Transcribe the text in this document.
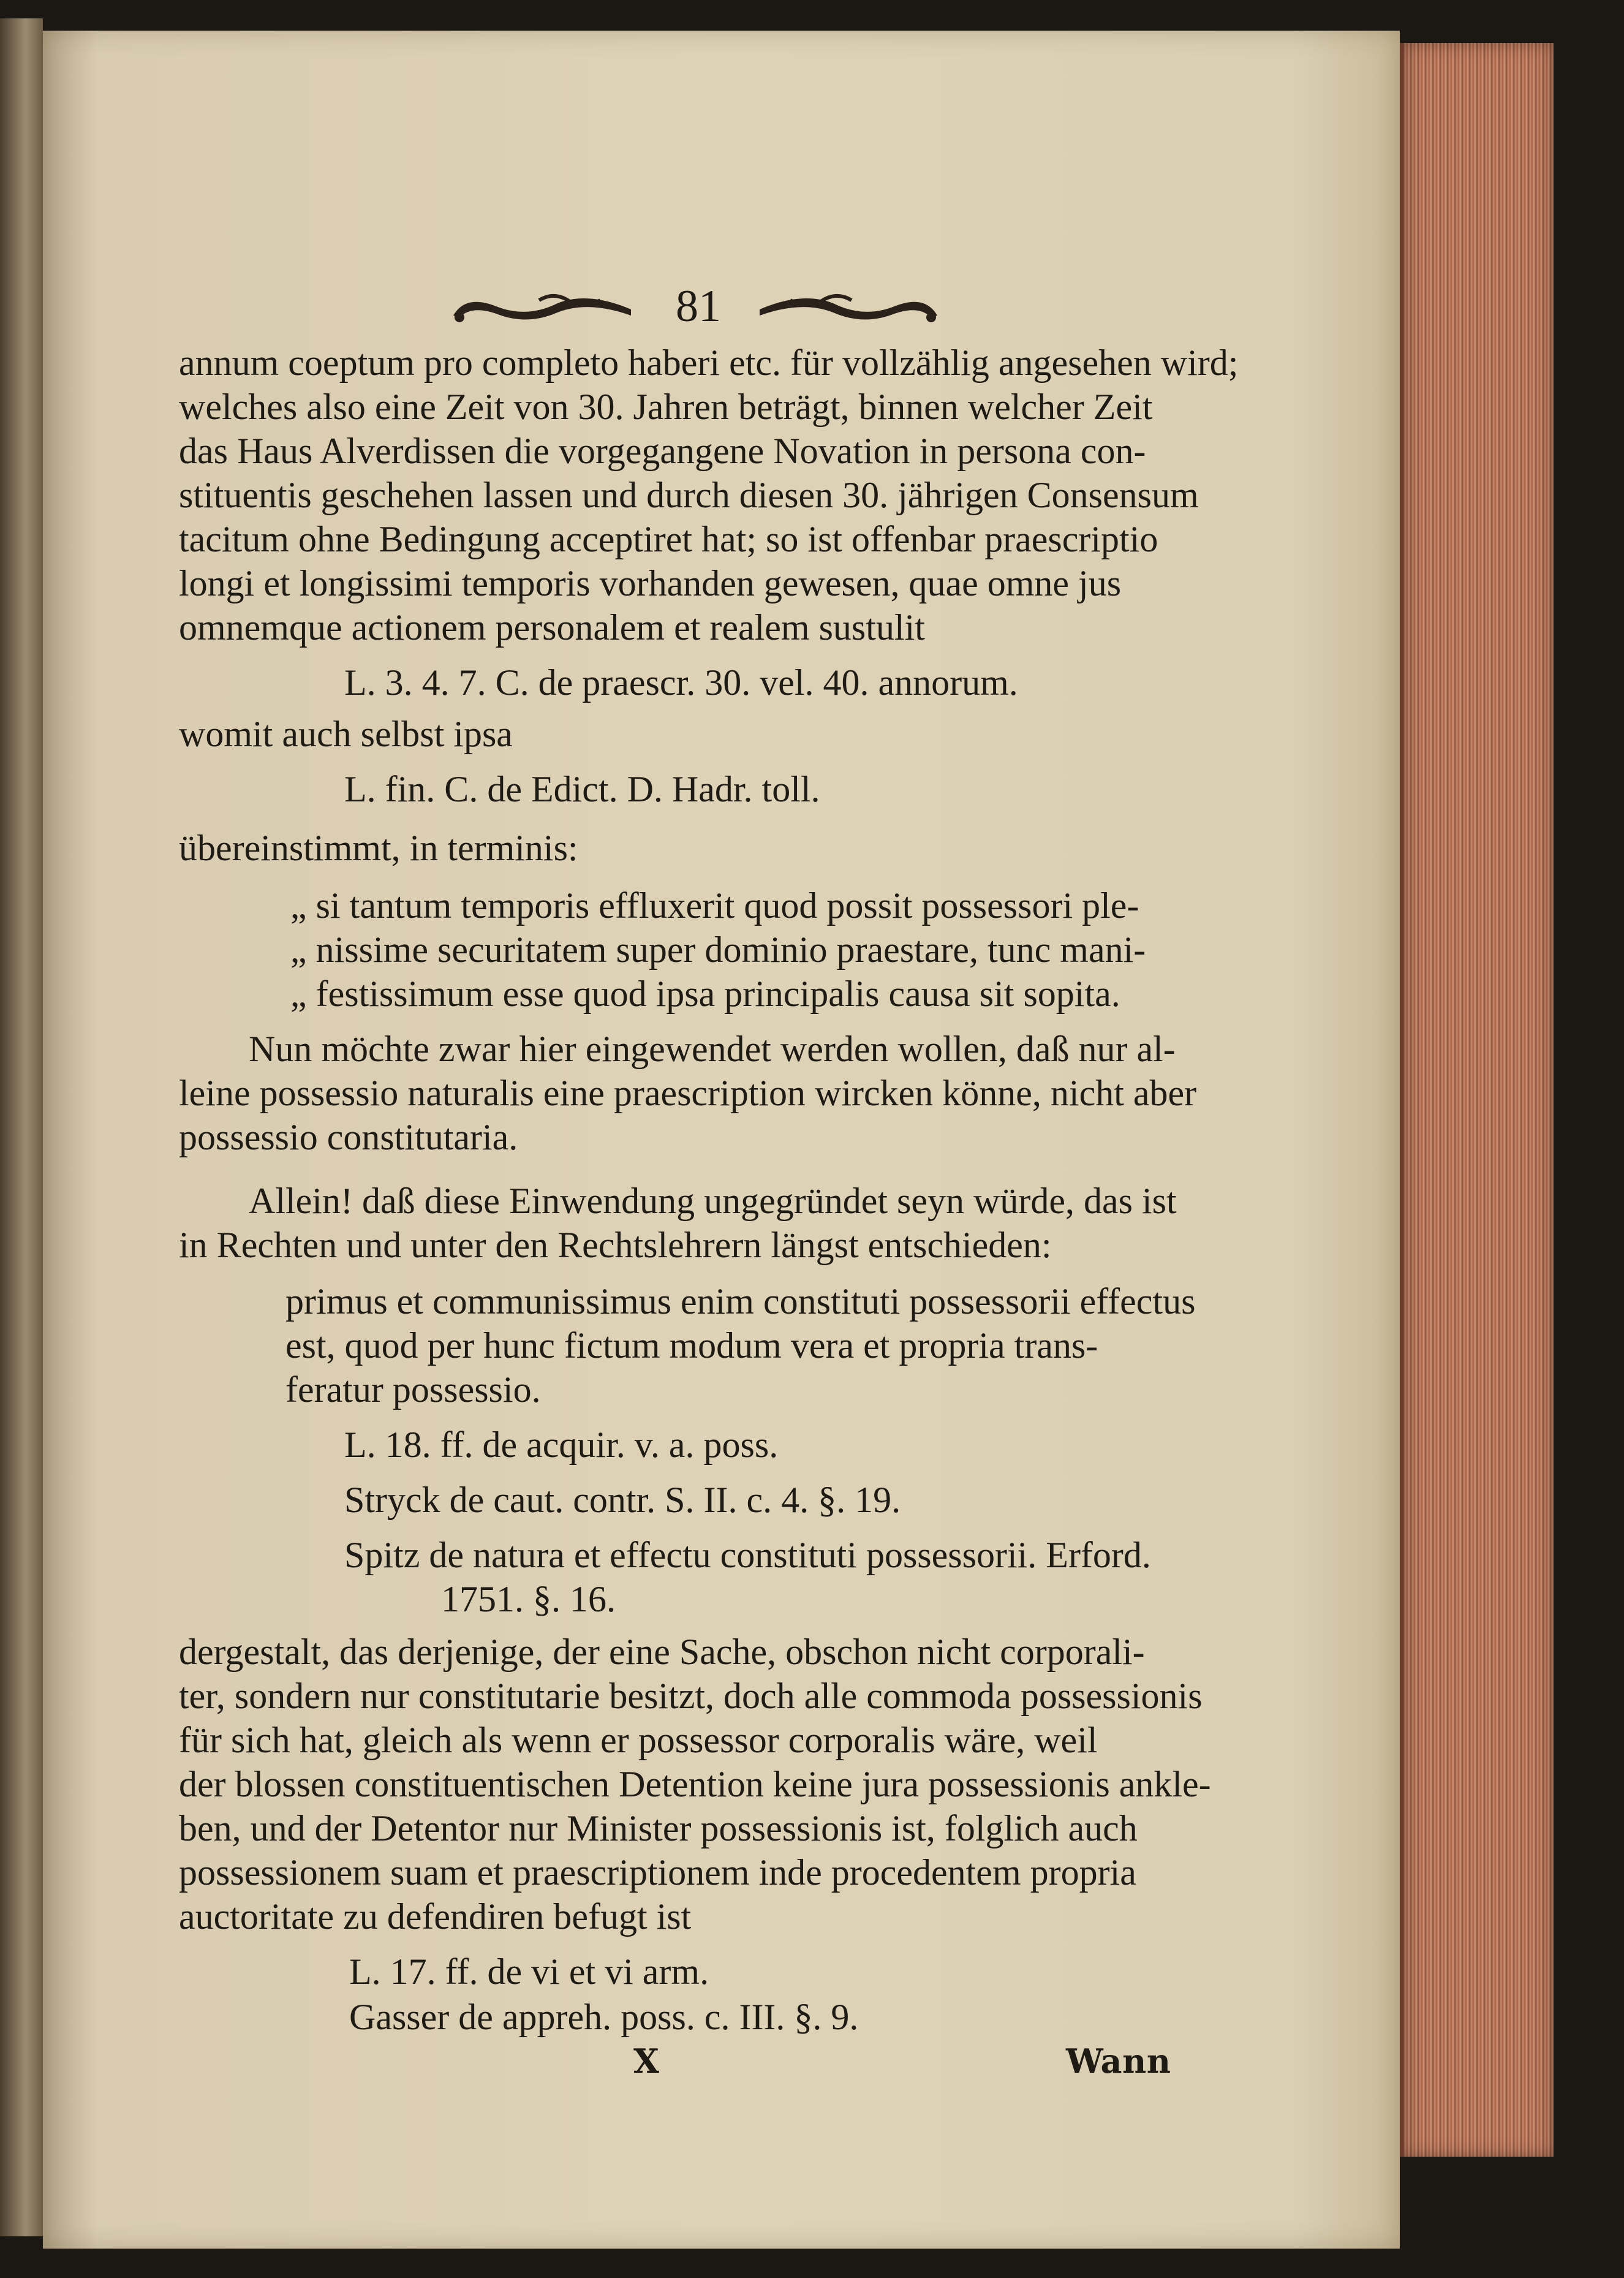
81
annum coeptum pro completo haberi etc. für vollzählig angesehen wird;
welches also eine Zeit von 30. Jahren beträgt, binnen welcher Zeit
das Haus Alverdissen die vorgegangene Novation in persona con-
stituentis geschehen lassen und durch diesen 30. jährigen Consensum
tacitum ohne Bedingung acceptiret hat; so ist offenbar praescriptio
longi et longissimi temporis vorhanden gewesen, quae omne jus
omnemque actionem personalem et realem sustulit
L. 3. 4. 7. C. de praescr. 30. vel. 40. annorum.
womit auch selbst ipsa
L. fin. C. de Edict. D. Hadr. toll.
übereinstimmt, in terminis:
„ si tantum temporis effluxerit quod possit possessori ple-
„ nissime securitatem super dominio praestare, tunc mani-
„ festissimum esse quod ipsa principalis causa sit sopita.
Nun möchte zwar hier eingewendet werden wollen, daß nur al-
leine possessio naturalis eine praescription wircken könne, nicht aber
possessio constitutaria.
Allein! daß diese Einwendung ungegründet seyn würde, das ist
in Rechten und unter den Rechtslehrern längst entschieden:
primus et communissimus enim constituti possessorii effectus
est, quod per hunc fictum modum vera et propria trans-
feratur possessio.
L. 18. ff. de acquir. v. a. poss.
Stryck de caut. contr. S. II. c. 4. §. 19.
Spitz de natura et effectu constituti possessorii. Erford.
1751. §. 16.
dergestalt, das derjenige, der eine Sache, obschon nicht corporali-
ter, sondern nur constitutarie besitzt, doch alle commoda possessionis
für sich hat, gleich als wenn er possessor corporalis wäre, weil
der blossen constituentischen Detention keine jura possessionis ankle-
ben, und der Detentor nur Minister possessionis ist, folglich auch
possessionem suam et praescriptionem inde procedentem propria
auctoritate zu defendiren befugt ist
L. 17. ff. de vi et vi arm.
Gasser de appreh. poss. c. III. §. 9.
X	Wann
